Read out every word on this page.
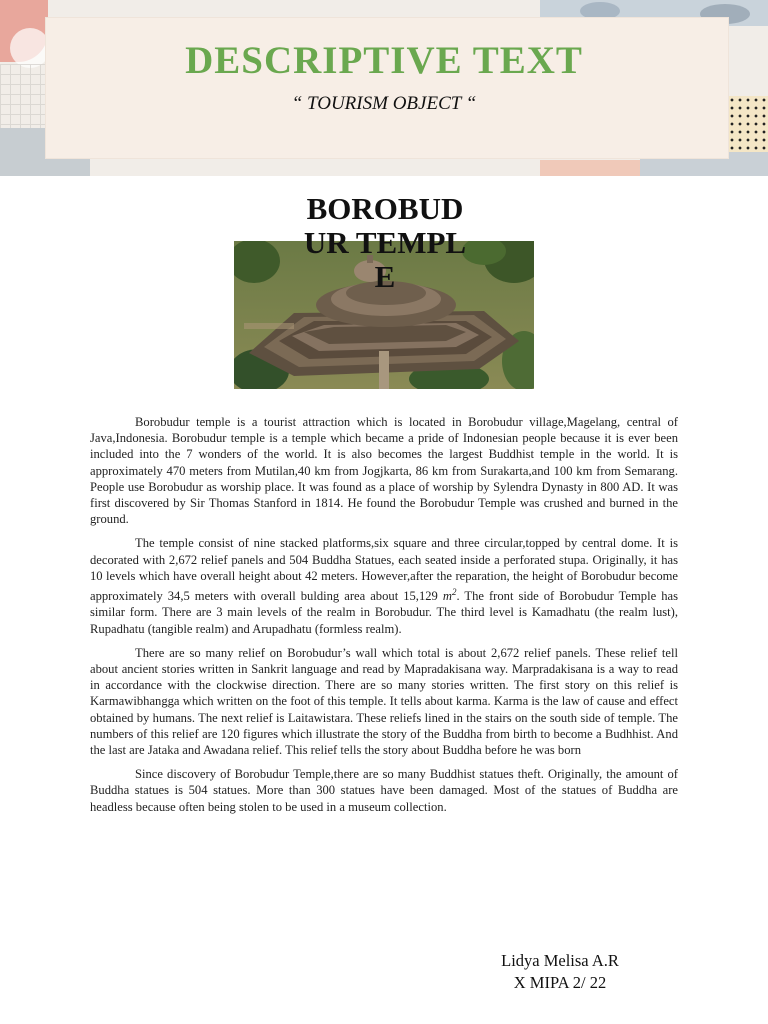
DESCRIPTIVE TEXT
“ TOURISM OBJECT “
BOROBUDUR TEMPLE

Borobudur temple is a tourist attraction which is located in Borobudur village,Magelang, central of Java,Indonesia. Borobudur temple is a temple which became a pride of Indonesian people because it is ever been included into the 7 wonders of the world. It is also becomes the largest Buddhist temple in the world. It is approximately 470 meters from Mutilan,40 km from Jogjkarta, 86 km from Surakarta,and 100 km from Semarang. People use Borobudur as worship place. It was found as a place of worship by Sylendra Dynasty in 800 AD. It was first discovered by Sir Thomas Stanford in 1814. He found the Borobudur Temple was crushed and burned in the ground.

The temple consist of nine stacked platforms,six square and three circular,topped by central dome. It is decorated with 2,672 relief panels and 504 Buddha Statues, each seated inside a perforated stupa. Originally, it has 10 levels which have overall height about 42 meters. However,after the reparation, the height of Borobudur become approximately 34,5 meters with overall bulding area about 15,129 $m^2$. The front side of Borobudur Temple has similar form. There are 3 main levels of the realm in Borobudur. The third level is Kamadhatu (the realm lust), Rupadhatu (tangible realm) and Arupadhatu (formless realm).

There are so many relief on Borobudur’s wall which total is about 2,672 relief panels. These relief tell about ancient stories written in Sankrit language and read by Mapradakisana way. Marpradakisana is a way to read in accordance with the clockwise direction. There are so many stories written. The first story on this relief is Karmawibhangga which written on the foot of this temple. It tells about karma. Karma is the law of cause and effect obtained by humans. The next relief is Laitawistara. These reliefs lined in the stairs on the south side of temple. The numbers of this relief are 120 figures which illustrate the story of the Buddha from birth to become a Budhhist. And the last are Jataka and Awadana relief. This relief tells the story about Buddha before he was born

Since discovery of Borobudur Temple,there are so many Buddhist statues theft. Originally, the amount of Buddha statues is 504 statues. More than 300 statues have been damaged. Most of the statues of Buddha are headless because often being stolen to be used in a museum collection.

Lidya Melisa A.R
X MIPA 2/ 22
